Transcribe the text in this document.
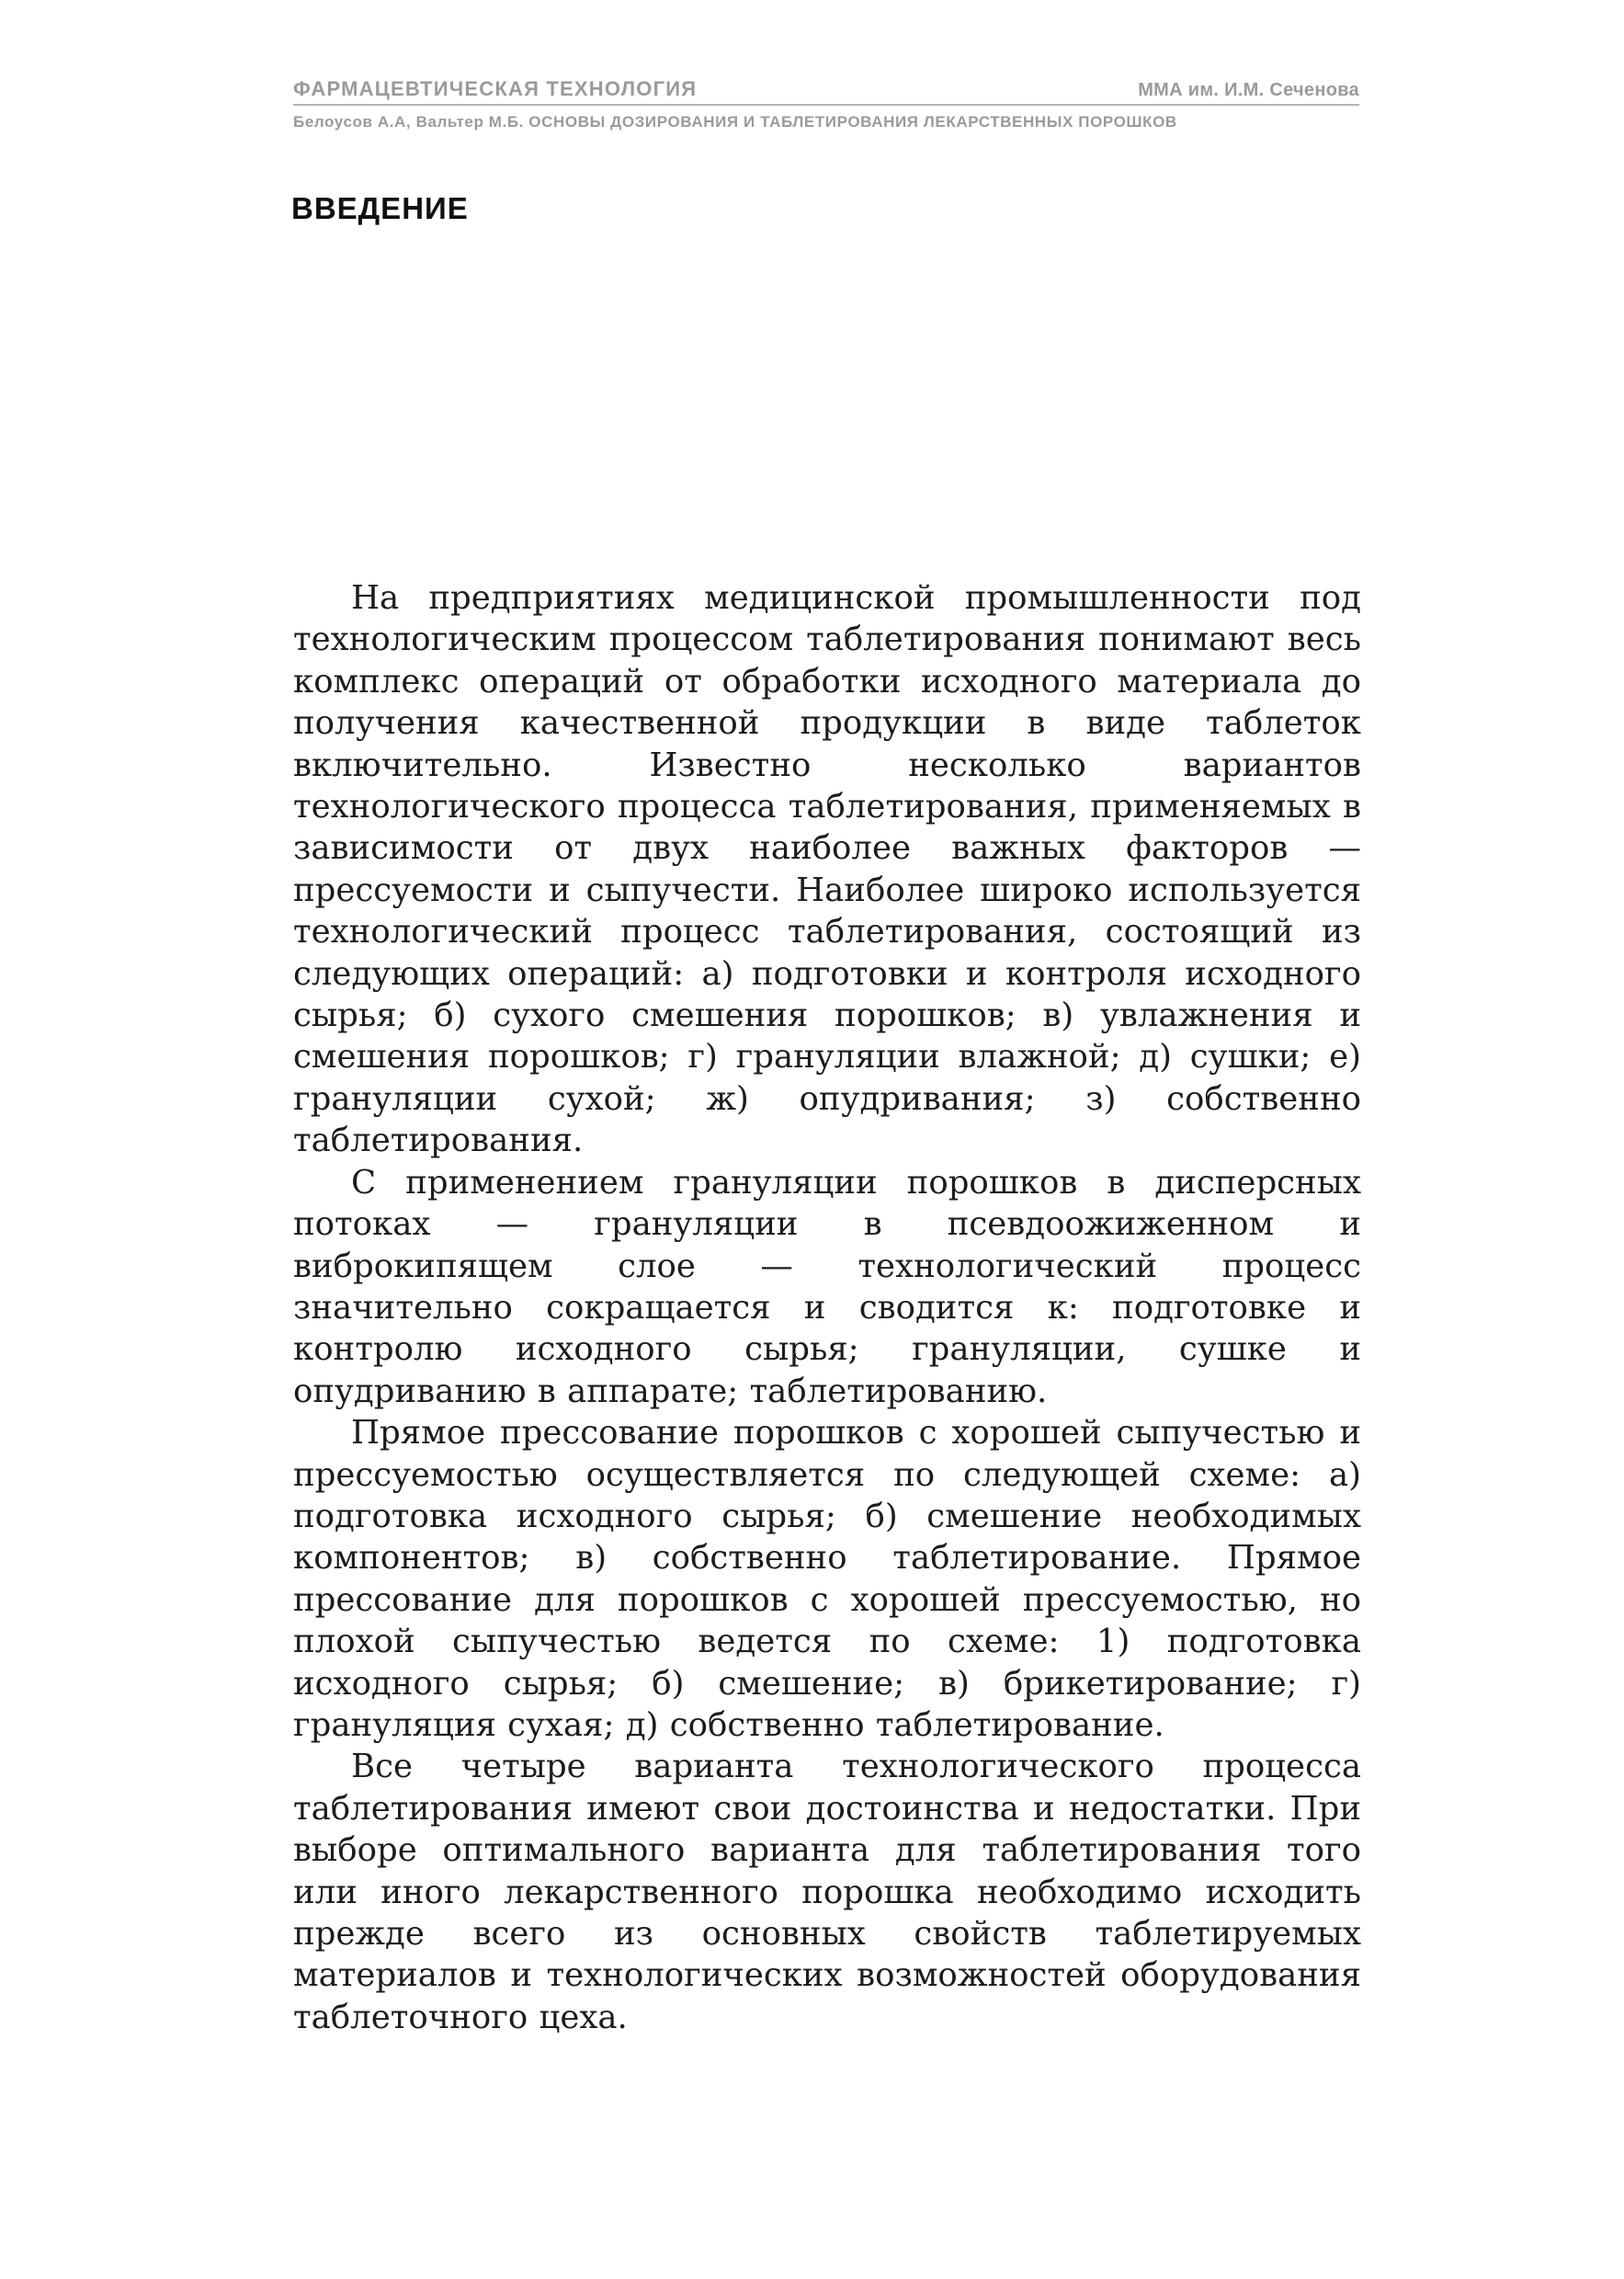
ФАРМАЦЕВТИЧЕСКАЯ ТЕХНОЛОГИЯ	ММА им. И.М. Сеченова
Белоусов А.А, Вальтер М.Б. ОСНОВЫ ДОЗИРОВАНИЯ И ТАБЛЕТИРОВАНИЯ ЛЕКАРСТВЕННЫХ ПОРОШКОВ
ВВЕДЕНИЕ

На предприятиях медицинской промышленности под технологическим процессом таблетирования понимают весь комплекс операций от обработки исходного материала до получения качественной продукции в виде таблеток включительно. Известно несколько вариантов технологического процесса таблетирования, применяемых в зависимости от двух наиболее важных факторов — прессуемости и сыпучести. Наиболее широко используется технологический процесс таблетирования, состоящий из следующих операций: а) подготовки и контроля исходного сырья; б) сухого смешения порошков; в) увлажнения и смешения порошков; г) грануляции влажной; д) сушки; е) грануляции сухой; ж) опудривания; з) собственно таблетирования.

С применением грануляции порошков в дисперсных потоках — грануляции в псевдоожиженном и виброкипящем слое — технологический процесс значительно сокращается и сводится к: подготовке и контролю исходного сырья; грануляции, сушке и опудриванию в аппарате; таблетированию.

Прямое прессование порошков с хорошей сыпучестью и прессуемостью осуществляется по следующей схеме: а) подготовка исходного сырья; б) смешение необходимых компонентов; в) собственно таблетирование. Прямое прессование для порошков с хорошей прессуемостью, но плохой сыпучестью ведется по схеме: 1) подготовка исходного сырья; б) смешение; в) брикетирование; г) грануляция сухая; д) собственно таблетирование.

Все четыре варианта технологического процесса таблетирования имеют свои достоинства и недостатки. При выборе оптимального варианта для таблетирования того или иного лекарственного порошка необходимо исходить прежде всего из основных свойств таблетируемых материалов и технологических возможностей оборудования таблеточного цеха.
